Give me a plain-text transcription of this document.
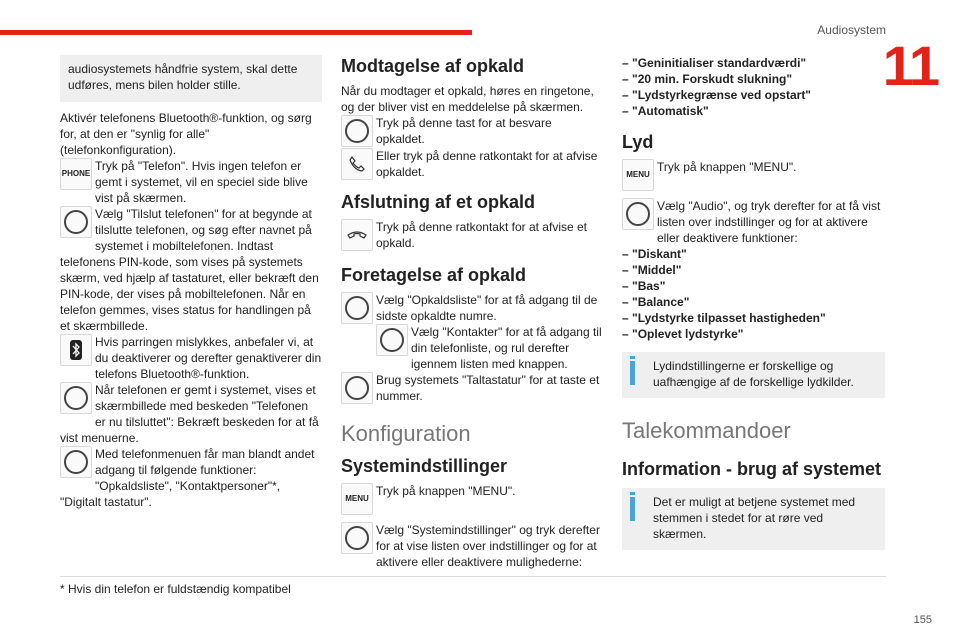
Audiosystem
11

audiosystemets håndfrie system, skal dette udføres, mens bilen holder stille.

Aktivér telefonens Bluetooth®-funktion, og sørg for, at den er "synlig for alle" (telefonkonfiguration).

PHONE

Tryk på "Telefon". Hvis ingen telefon er gemt i systemet, vil en speciel side blive vist på skærmen.

Vælg "Tilslut telefonen" for at begynde at tilslutte telefonen, og søg efter navnet på systemet i mobiltelefonen. Indtast telefonens PIN-kode, som vises på systemets skærm, ved hjælp af tastaturet, eller bekræft den PIN-kode, der vises på mobiltelefonen. Når en telefon gemmes, vises status for handlingen på et skærmbillede.

Hvis parringen mislykkes, anbefaler vi, at du deaktiverer og derefter genaktiverer din telefons Bluetooth®-funktion.

Når telefonen er gemt i systemet, vises et skærmbillede med beskeden "Telefonen er nu tilsluttet": Bekræft beskeden for at få vist menuerne.

Med telefonmenuen får man blandt andet adgang til følgende funktioner: "Opkaldsliste", "Kontaktpersoner"*, "Digitalt tastatur".

Modtagelse af opkald

Når du modtager et opkald, høres en ringetone, og der bliver vist en meddelelse på skærmen.

Tryk på denne tast for at besvare opkaldet.

Eller tryk på denne ratkontakt for at afvise opkaldet.

Afslutning af et opkald

Tryk på denne ratkontakt for at afvise et opkald.

Foretagelse af opkald

Vælg "Opkaldsliste" for at få adgang til de sidste opkaldte numre.

Vælg "Kontakter" for at få adgang til din telefonliste, og rul derefter igennem listen med knappen.

Brug systemets "Taltastatur" for at taste et nummer.

Konfiguration
Systemindstillinger
MENU

Tryk på knappen "MENU".

Vælg "Systemindstillinger" og tryk derefter for at vise listen over indstillinger og for at aktivere eller deaktivere mulighederne:

– "Geninitialiser standardværdi"

– "20 min. Forskudt slukning"

– "Lydstyrkegrænse ved opstart"

– "Automatisk"

Lyd
MENU

Tryk på knappen "MENU".

Vælg "Audio", og tryk derefter for at få vist listen over indstillinger og for at aktivere eller deaktivere funktioner:

– "Diskant"

– "Middel"

– "Bas"

– "Balance"

– "Lydstyrke tilpasset hastigheden"

– "Oplevet lydstyrke"

Lydindstillingerne er forskellige og uafhængige af de forskellige lydkilder.

Talekommandoer
Information - brug af systemet

Det er muligt at betjene systemet med stemmen i stedet for at røre ved skærmen.

* Hvis din telefon er fuldstændig kompatibel
155
